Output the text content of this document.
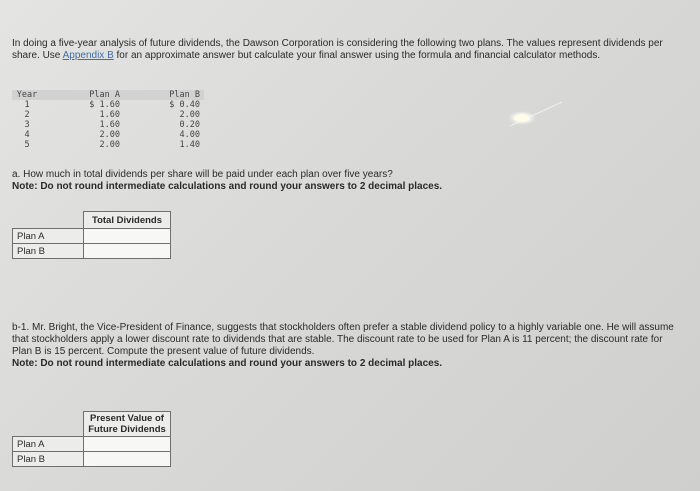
In doing a five-year analysis of future dividends, the Dawson Corporation is considering the following two plans. The values represent dividends per share. Use Appendix B for an approximate answer but calculate your final answer using the formula and financial calculator methods.
Year		Plan A		Plan B
1		$ 1.60		$ 0.40
2		1.60		2.00
3		1.60		0.20
4		2.00		4.00
5		2.00		1.40
a. How much in total dividends per share will be paid under each plan over five years?
Note: Do not round intermediate calculations and round your answers to 2 decimal places.
	Total Dividends
Plan A	
Plan B	
b-1. Mr. Bright, the Vice-President of Finance, suggests that stockholders often prefer a stable dividend policy to a highly variable one. He will assume that stockholders apply a lower discount rate to dividends that are stable. The discount rate to be used for Plan A is 11 percent; the discount rate for Plan B is 15 percent. Compute the present value of future dividends.
Note: Do not round intermediate calculations and round your answers to 2 decimal places.

	Present Value of
Future Dividends

Plan A	
Plan B	
